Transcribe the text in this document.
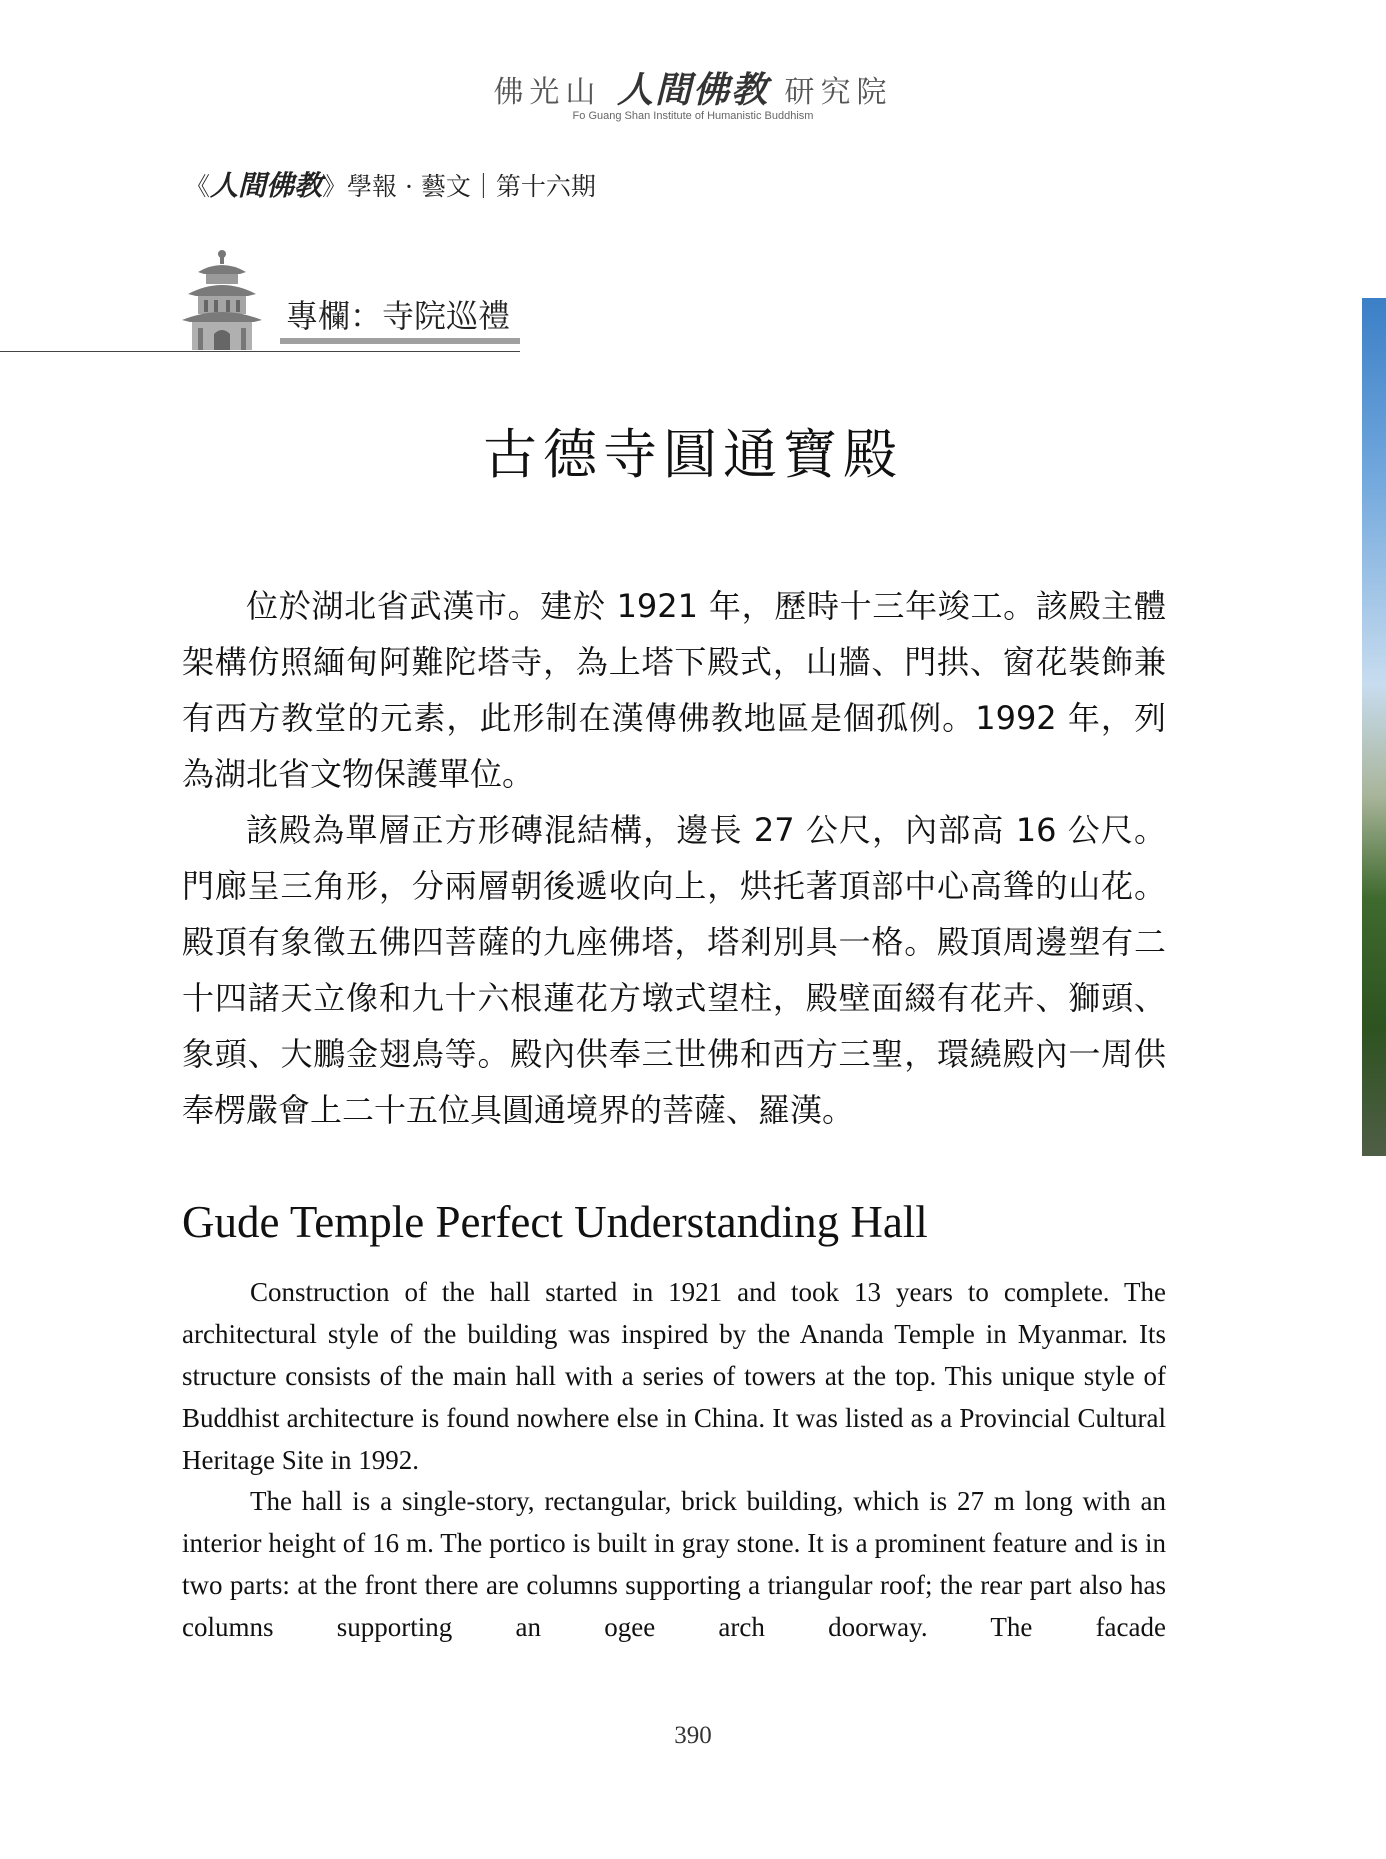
佛光山 人間佛教 研究院
Fo Guang Shan Institute of Humanistic Buddhism
《人間佛教》學報 · 藝文｜第十六期
專欄：寺院巡禮
古德寺圓通寶殿

位於湖北省武漢市。建於 1921 年，歷時十三年竣工。該殿主體架構仿照緬甸阿難陀塔寺，為上塔下殿式，山牆、門拱、窗花裝飾兼有西方教堂的元素，此形制在漢傳佛教地區是個孤例。1992 年，列為湖北省文物保護單位。

該殿為單層正方形磚混結構，邊長 27 公尺，內部高 16 公尺。門廊呈三角形，分兩層朝後遞收向上，烘托著頂部中心高聳的山花。殿頂有象徵五佛四菩薩的九座佛塔，塔剎別具一格。殿頂周邊塑有二十四諸天立像和九十六根蓮花方墩式望柱，殿壁面綴有花卉、獅頭、象頭、大鵬金翅鳥等。殿內供奉三世佛和西方三聖，環繞殿內一周供奉楞嚴會上二十五位具圓通境界的菩薩、羅漢。

Gude Temple Perfect Understanding Hall

Construction of the hall started in 1921 and took 13 years to complete. The architectural style of the building was inspired by the Ananda Temple in Myanmar. Its structure consists of the main hall with a series of towers at the top. This unique style of Buddhist architecture is found nowhere else in China. It was listed as a Provincial Cultural Heritage Site in 1992.

The hall is a single-story, rectangular, brick building, which is 27 m long with an interior height of 16 m. The portico is built in gray stone. It is a prominent feature and is in two parts: at the front there are columns supporting a triangular roof; the rear part also has columns supporting an ogee arch doorway. The facade

390
